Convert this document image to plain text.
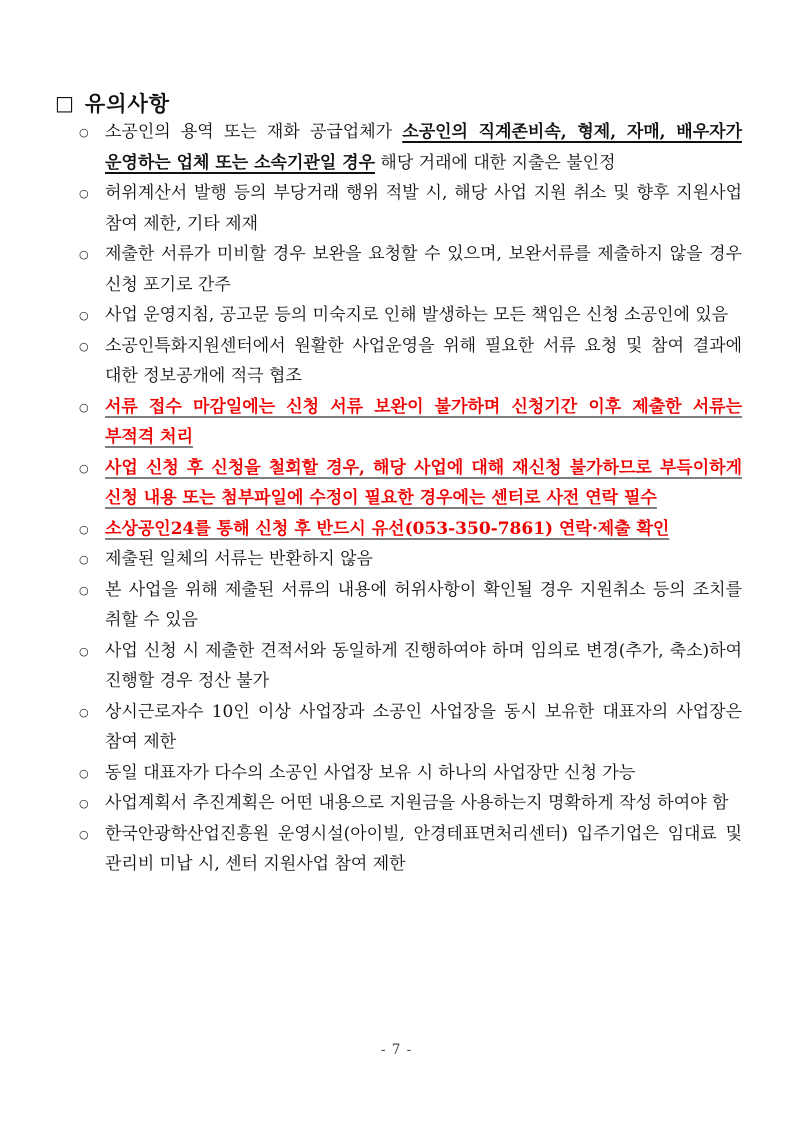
□ 유의사항
○ 소공인의 용역 또는 재화 공급업체가 소공인의 직계존비속, 형제, 자매, 배우자가 운영하는 업체 또는 소속기관일 경우 해당 거래에 대한 지출은 불인정
○ 허위계산서 발행 등의 부당거래 행위 적발 시, 해당 사업 지원 취소 및 향후 지원사업 참여 제한, 기타 제재
○ 제출한 서류가 미비할 경우 보완을 요청할 수 있으며, 보완서류를 제출하지 않을 경우 신청 포기로 간주
○ 사업 운영지침, 공고문 등의 미숙지로 인해 발생하는 모든 책임은 신청 소공인에 있음
○ 소공인특화지원센터에서 원활한 사업운영을 위해 필요한 서류 요청 및 참여 결과에 대한 정보공개에 적극 협조
○ 서류 접수 마감일에는 신청 서류 보완이 불가하며 신청기간 이후 제출한 서류는 부적격 처리
○ 사업 신청 후 신청을 철회할 경우, 해당 사업에 대해 재신청 불가하므로 부득이하게 신청 내용 또는 첨부파일에 수정이 필요한 경우에는 센터로 사전 연락 필수
○ 소상공인24를 통해 신청 후 반드시 유선(053-350-7861) 연락·제출 확인
○ 제출된 일체의 서류는 반환하지 않음
○ 본 사업을 위해 제출된 서류의 내용에 허위사항이 확인될 경우 지원취소 등의 조치를 취할 수 있음
○ 사업 신청 시 제출한 견적서와 동일하게 진행하여야 하며 임의로 변경(추가, 축소)하여 진행할 경우 정산 불가
○ 상시근로자수 10인 이상 사업장과 소공인 사업장을 동시 보유한 대표자의 사업장은 참여 제한
○ 동일 대표자가 다수의 소공인 사업장 보유 시 하나의 사업장만 신청 가능
○ 사업계획서 추진계획은 어떤 내용으로 지원금을 사용하는지 명확하게 작성 하여야 함
○ 한국안광학산업진흥원 운영시설(아이빌, 안경테표면처리센터) 입주기업은 임대료 및 관리비 미납 시, 센터 지원사업 참여 제한
- 7 -
